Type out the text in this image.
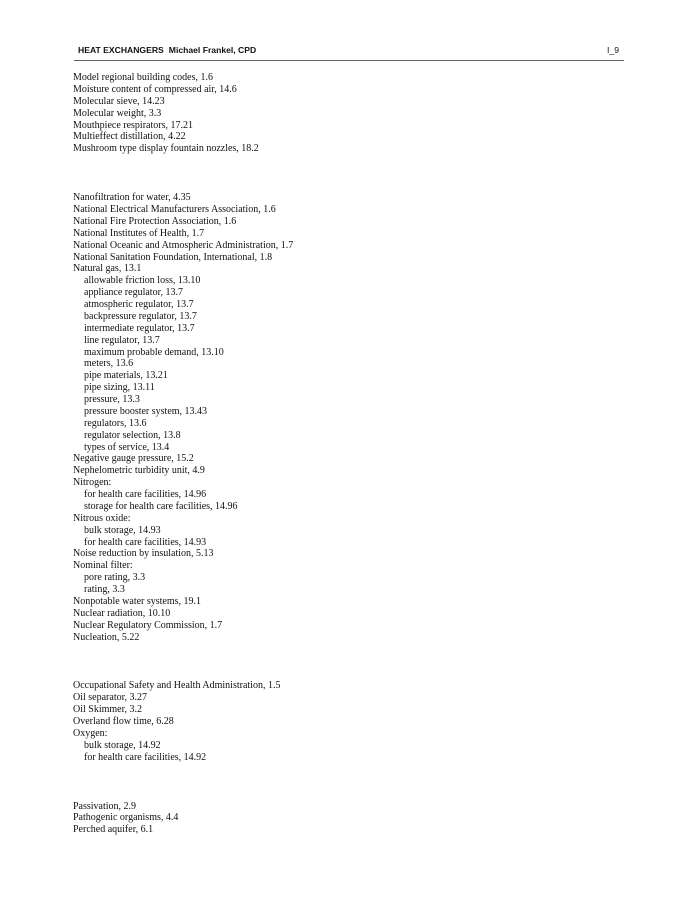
HEAT EXCHANGERS Michael Frankel, CPD	I_9
Model regional building codes, 1.6
Moisture content of compressed air, 14.6
Molecular sieve, 14.23
Molecular weight, 3.3
Mouthpiece respirators, 17.21
Multieffect distillation, 4.22
Mushroom type display fountain nozzles, 18.2
Nanofiltration for water, 4.35
National Electrical Manufacturers Association, 1.6
National Fire Protection Association, 1.6
National Institutes of Health, 1.7
National Oceanic and Atmospheric Administration, 1.7
National Sanitation Foundation, International, 1.8
Natural gas, 13.1
allowable friction loss, 13.10
appliance regulator, 13.7
atmospheric regulator, 13.7
backpressure regulator, 13.7
intermediate regulator, 13.7
line regulator, 13.7
maximum probable demand, 13.10
meters, 13.6
pipe materials, 13.21
pipe sizing, 13.11
pressure, 13.3
pressure booster system, 13.43
regulators, 13.6
regulator selection, 13.8
types of service, 13.4
Negative gauge pressure, 15.2
Nephelometric turbidity unit, 4.9
Nitrogen:
for health care facilities, 14.96
storage for health care facilities, 14.96
Nitrous oxide:
bulk storage, 14.93
for health care facilities, 14.93
Noise reduction by insulation, 5.13
Nominal filter:
pore rating, 3.3
rating, 3.3
Nonpotable water systems, 19.1
Nuclear radiation, 10.10
Nuclear Regulatory Commission, 1.7
Nucleation, 5.22
Occupational Safety and Health Administration, 1.5
Oil separator, 3.27
Oil Skimmer, 3.2
Overland flow time, 6.28
Oxygen:
bulk storage, 14.92
for health care facilities, 14.92
Passivation, 2.9
Pathogenic organisms, 4.4
Perched aquifer, 6.1
